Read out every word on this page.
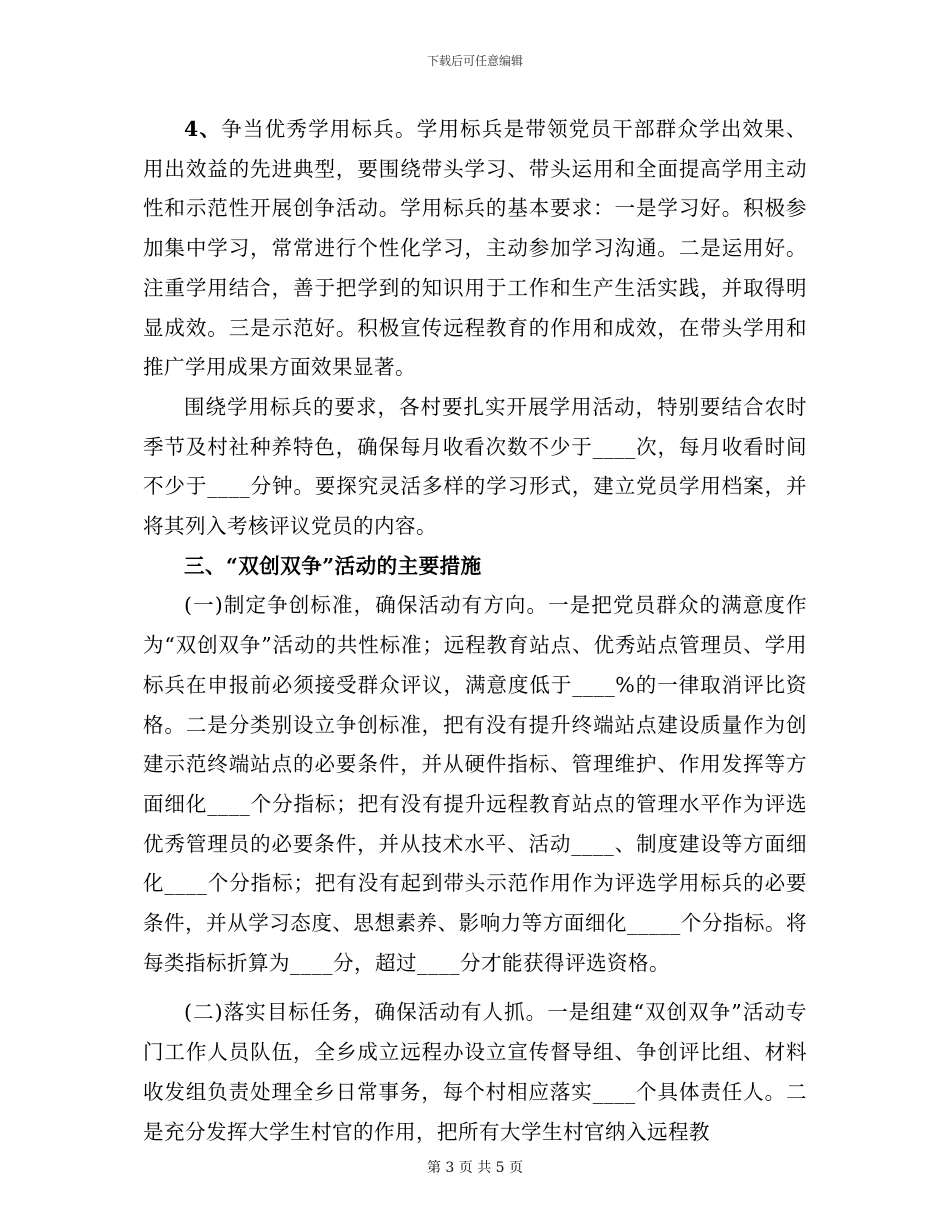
下载后可任意编辑

4、争当优秀学用标兵。学用标兵是带领党员干部群众学出效果、用出效益的先进典型，要围绕带头学习、带头运用和全面提高学用主动性和示范性开展创争活动。学用标兵的基本要求：一是学习好。积极参加集中学习，常常进行个性化学习，主动参加学习沟通。二是运用好。注重学用结合，善于把学到的知识用于工作和生产生活实践，并取得明显成效。三是示范好。积极宣传远程教育的作用和成效，在带头学用和推广学用成果方面效果显著。

围绕学用标兵的要求，各村要扎实开展学用活动，特别要结合农时季节及村社种养特色，确保每月收看次数不少于____次，每月收看时间不少于____分钟。要探究灵活多样的学习形式，建立党员学用档案，并将其列入考核评议党员的内容。

三、“双创双争”活动的主要措施

(一)制定争创标准，确保活动有方向。一是把党员群众的满意度作为“双创双争”活动的共性标准；远程教育站点、优秀站点管理员、学用标兵在申报前必须接受群众评议，满意度低于____%的一律取消评比资格。二是分类别设立争创标准，把有没有提升终端站点建设质量作为创建示范终端站点的必要条件，并从硬件指标、管理维护、作用发挥等方面细化____个分指标；把有没有提升远程教育站点的管理水平作为评选优秀管理员的必要条件，并从技术水平、活动____、制度建设等方面细化____个分指标；把有没有起到带头示范作用作为评选学用标兵的必要条件，并从学习态度、思想素养、影响力等方面细化_____个分指标。将每类指标折算为____分，超过____分才能获得评选资格。

(二)落实目标任务，确保活动有人抓。一是组建“双创双争”活动专门工作人员队伍，全乡成立远程办设立宣传督导组、争创评比组、材料收发组负责处理全乡日常事务，每个村相应落实____个具体责任人。二是充分发挥大学生村官的作用，把所有大学生村官纳入远程教

第 3 页 共 5 页
